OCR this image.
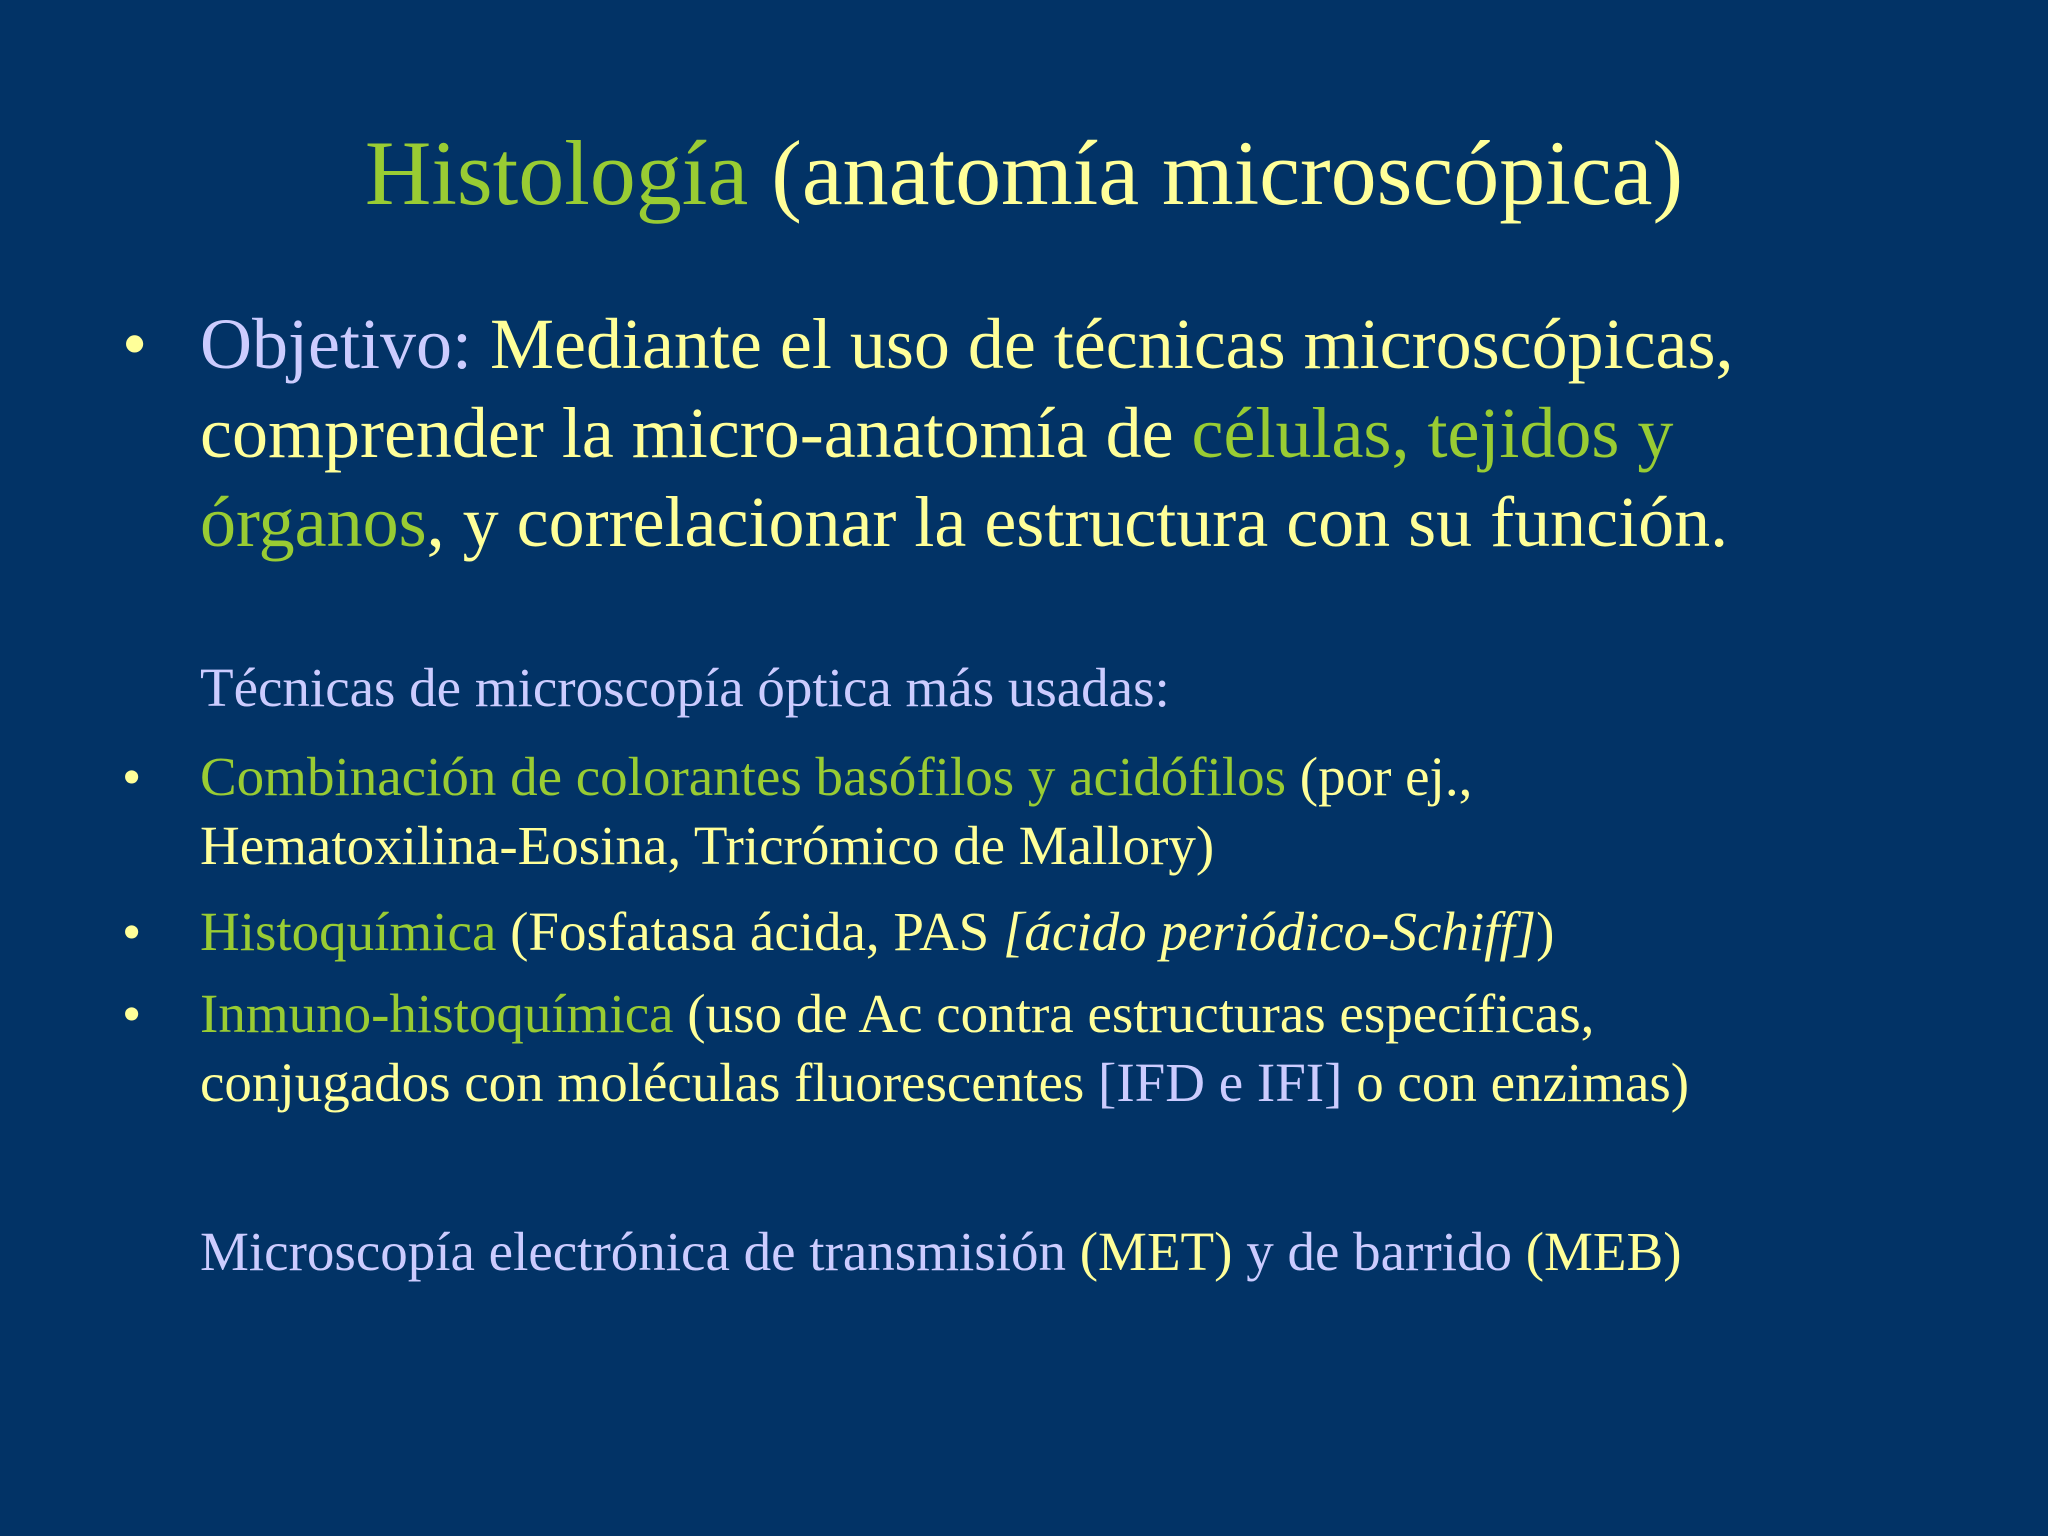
Histología (anatomía microscópica)
• Objetivo: Mediante el uso de técnicas microscópicas,
comprender la micro-anatomía de células, tejidos y
órganos, y correlacionar la estructura con su función.
Técnicas de microscopía óptica más usadas:
• Combinación de colorantes basófilos y acidófilos (por ej.,
Hematoxilina-Eosina, Tricrómico de Mallory)
• Histoquímica (Fosfatasa ácida, PAS [ácido periódico-Schiff])
• Inmuno-histoquímica (uso de Ac contra estructuras específicas,
conjugados con moléculas fluorescentes [IFD e IFI] o con enzimas)
Microscopía electrónica de transmisión (MET) y de barrido (MEB)
